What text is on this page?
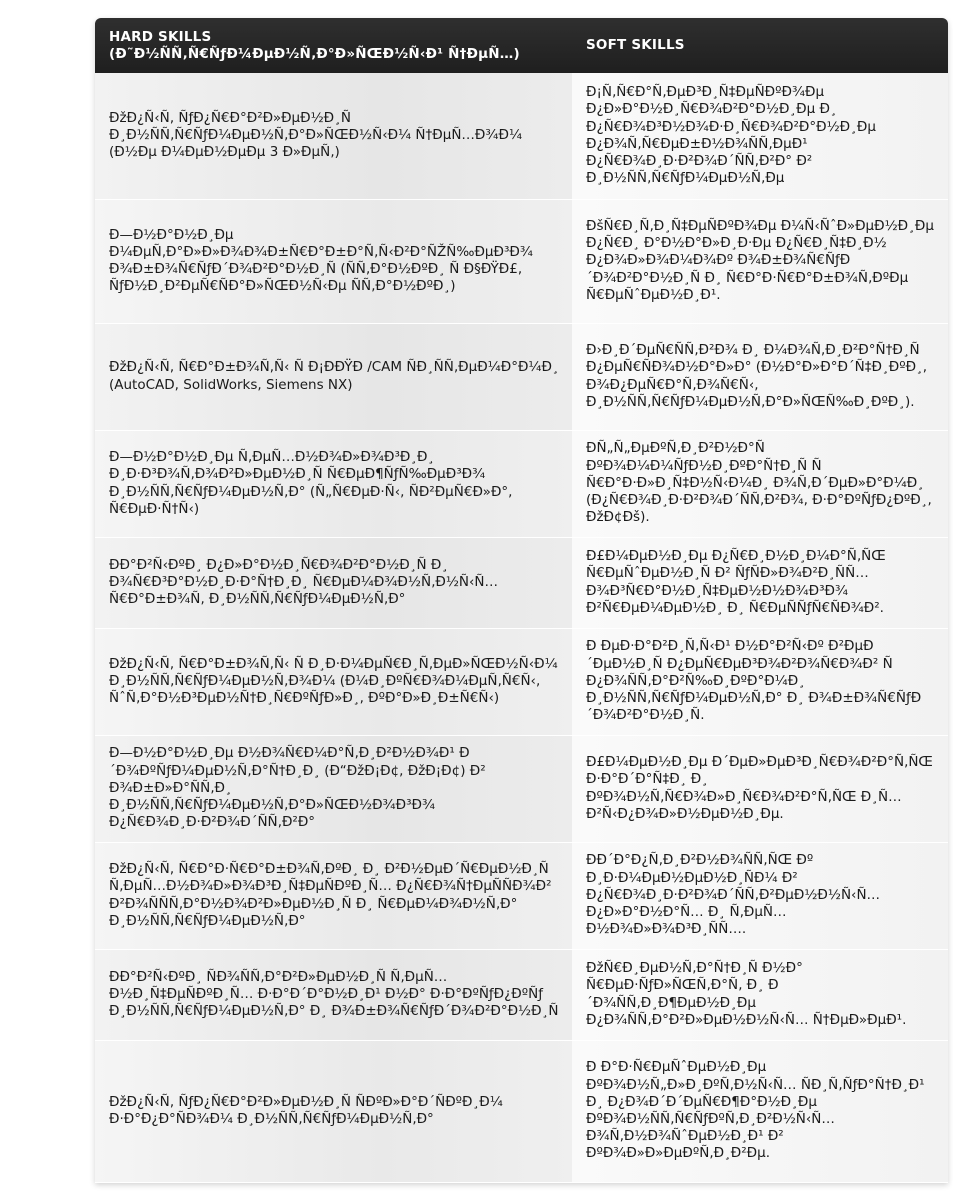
HARD SKILLS
(Ð˜Ð½ÑÑ‚Ñ€ÑƒÐ¼ÐµÐ½Ñ‚Ð°Ð»ÑŒÐ½Ñ‹Ð¹ Ñ†ÐµÑ…)	SOFT SKILLS
ÐžÐ¿Ñ‹Ñ‚ ÑƒÐ¿Ñ€Ð°Ð²Ð»ÐµÐ½Ð¸Ñ Ð¸Ð½ÑÑ‚Ñ€ÑƒÐ¼ÐµÐ½Ñ‚Ð°Ð»ÑŒÐ½Ñ‹Ð¼ Ñ†ÐµÑ…Ð¾Ð¼ (Ð½Ðµ Ð¼ÐµÐ½ÐµÐµ 3 Ð»ÐµÑ‚)	Ð¡Ñ‚Ñ€Ð°Ñ‚ÐµÐ³Ð¸Ñ‡ÐµÑÐºÐ¾Ðµ Ð¿Ð»Ð°Ð½Ð¸Ñ€Ð¾Ð²Ð°Ð½Ð¸Ðµ Ð¸ Ð¿Ñ€Ð¾Ð³Ð½Ð¾Ð·Ð¸Ñ€Ð¾Ð²Ð°Ð½Ð¸Ðµ Ð¿Ð¾Ñ‚Ñ€ÐµÐ±Ð½Ð¾ÑÑ‚ÐµÐ¹ Ð¿Ñ€Ð¾Ð¸Ð·Ð²Ð¾Ð´ÑÑ‚Ð²Ð° Ð² Ð¸Ð½ÑÑ‚Ñ€ÑƒÐ¼ÐµÐ½Ñ‚Ðµ
Ð—Ð½Ð°Ð½Ð¸Ðµ Ð¼ÐµÑ‚Ð°Ð»Ð»Ð¾Ð¾Ð±Ñ€Ð°Ð±Ð°Ñ‚Ñ‹Ð²Ð°ÑŽÑ‰ÐµÐ³Ð¾ Ð¾Ð±Ð¾Ñ€ÑƒÐ´Ð¾Ð²Ð°Ð½Ð¸Ñ (ÑÑ‚Ð°Ð½ÐºÐ¸ Ñ Ð§ÐŸÐ£, ÑƒÐ½Ð¸Ð²ÐµÑ€ÑÐ°Ð»ÑŒÐ½Ñ‹Ðµ ÑÑ‚Ð°Ð½ÐºÐ¸)	ÐšÑ€Ð¸Ñ‚Ð¸Ñ‡ÐµÑÐºÐ¾Ðµ Ð¼Ñ‹ÑˆÐ»ÐµÐ½Ð¸Ðµ Ð¿Ñ€Ð¸ Ð°Ð½Ð°Ð»Ð¸Ð·Ðµ Ð¿Ñ€Ð¸Ñ‡Ð¸Ð½ Ð¿Ð¾Ð»Ð¾Ð¼Ð¾Ðº Ð¾Ð±Ð¾Ñ€ÑƒÐ´Ð¾Ð²Ð°Ð½Ð¸Ñ Ð¸ Ñ€Ð°Ð·Ñ€Ð°Ð±Ð¾Ñ‚ÐºÐµ Ñ€ÐµÑˆÐµÐ½Ð¸Ð¹.
ÐžÐ¿Ñ‹Ñ‚ Ñ€Ð°Ð±Ð¾Ñ‚Ñ‹ Ñ Ð¡ÐÐŸÐ /CAM ÑÐ¸ÑÑ‚ÐµÐ¼Ð°Ð¼Ð¸ (AutoCAD, SolidWorks, Siemens NX)	Ð›Ð¸Ð´ÐµÑ€ÑÑ‚Ð²Ð¾ Ð¸ Ð¼Ð¾Ñ‚Ð¸Ð²Ð°Ñ†Ð¸Ñ Ð¿ÐµÑ€ÑÐ¾Ð½Ð°Ð»Ð° (Ð½Ð°Ð»Ð°Ð´Ñ‡Ð¸ÐºÐ¸, Ð¾Ð¿ÐµÑ€Ð°Ñ‚Ð¾Ñ€Ñ‹, Ð¸Ð½ÑÑ‚Ñ€ÑƒÐ¼ÐµÐ½Ñ‚Ð°Ð»ÑŒÑ‰Ð¸ÐºÐ¸).
Ð—Ð½Ð°Ð½Ð¸Ðµ Ñ‚ÐµÑ…Ð½Ð¾Ð»Ð¾Ð³Ð¸Ð¸ Ð¸Ð·Ð³Ð¾Ñ‚Ð¾Ð²Ð»ÐµÐ½Ð¸Ñ Ñ€ÐµÐ¶ÑƒÑ‰ÐµÐ³Ð¾ Ð¸Ð½ÑÑ‚Ñ€ÑƒÐ¼ÐµÐ½Ñ‚Ð° (Ñ„Ñ€ÐµÐ·Ñ‹, ÑÐ²ÐµÑ€Ð»Ð°, Ñ€ÐµÐ·Ñ†Ñ‹)	ÐÑ„Ñ„ÐµÐºÑ‚Ð¸Ð²Ð½Ð°Ñ ÐºÐ¾Ð¼Ð¼ÑƒÐ½Ð¸ÐºÐ°Ñ†Ð¸Ñ Ñ Ñ€Ð°Ð·Ð»Ð¸Ñ‡Ð½Ñ‹Ð¼Ð¸ Ð¾Ñ‚Ð´ÐµÐ»Ð°Ð¼Ð¸ (Ð¿Ñ€Ð¾Ð¸Ð·Ð²Ð¾Ð´ÑÑ‚Ð²Ð¾, Ð·Ð°ÐºÑƒÐ¿ÐºÐ¸, ÐžÐ¢Ðš).
ÐÐ°Ð²Ñ‹ÐºÐ¸ Ð¿Ð»Ð°Ð½Ð¸Ñ€Ð¾Ð²Ð°Ð½Ð¸Ñ Ð¸ Ð¾Ñ€Ð³Ð°Ð½Ð¸Ð·Ð°Ñ†Ð¸Ð¸ Ñ€ÐµÐ¼Ð¾Ð½Ñ‚Ð½Ñ‹Ñ… Ñ€Ð°Ð±Ð¾Ñ‚ Ð¸Ð½ÑÑ‚Ñ€ÑƒÐ¼ÐµÐ½Ñ‚Ð°	Ð£Ð¼ÐµÐ½Ð¸Ðµ Ð¿Ñ€Ð¸Ð½Ð¸Ð¼Ð°Ñ‚ÑŒ Ñ€ÐµÑˆÐµÐ½Ð¸Ñ Ð² ÑƒÑÐ»Ð¾Ð²Ð¸ÑÑ… Ð¾Ð³Ñ€Ð°Ð½Ð¸Ñ‡ÐµÐ½Ð½Ð¾Ð³Ð¾ Ð²Ñ€ÐµÐ¼ÐµÐ½Ð¸ Ð¸ Ñ€ÐµÑÑƒÑ€ÑÐ¾Ð².
ÐžÐ¿Ñ‹Ñ‚ Ñ€Ð°Ð±Ð¾Ñ‚Ñ‹ Ñ Ð¸Ð·Ð¼ÐµÑ€Ð¸Ñ‚ÐµÐ»ÑŒÐ½Ñ‹Ð¼ Ð¸Ð½ÑÑ‚Ñ€ÑƒÐ¼ÐµÐ½Ñ‚Ð¾Ð¼ (Ð¼Ð¸ÐºÑ€Ð¾Ð¼ÐµÑ‚Ñ€Ñ‹, ÑˆÑ‚Ð°Ð½Ð³ÐµÐ½Ñ†Ð¸Ñ€ÐºÑƒÐ»Ð¸, ÐºÐ°Ð»Ð¸Ð±Ñ€Ñ‹)	Ð ÐµÐ·Ð°Ð²Ð¸Ñ‚Ñ‹Ð¹ Ð½Ð°Ð²Ñ‹Ðº Ð²ÐµÐ´ÐµÐ½Ð¸Ñ Ð¿ÐµÑ€ÐµÐ³Ð¾Ð²Ð¾Ñ€Ð¾Ð² Ñ Ð¿Ð¾ÑÑ‚Ð°Ð²Ñ‰Ð¸ÐºÐ°Ð¼Ð¸ Ð¸Ð½ÑÑ‚Ñ€ÑƒÐ¼ÐµÐ½Ñ‚Ð° Ð¸ Ð¾Ð±Ð¾Ñ€ÑƒÐ´Ð¾Ð²Ð°Ð½Ð¸Ñ.
Ð—Ð½Ð°Ð½Ð¸Ðµ Ð½Ð¾Ñ€Ð¼Ð°Ñ‚Ð¸Ð²Ð½Ð¾Ð¹ Ð´Ð¾ÐºÑƒÐ¼ÐµÐ½Ñ‚Ð°Ñ†Ð¸Ð¸ (Ð“ÐžÐ¡Ð¢, ÐžÐ¡Ð¢) Ð² Ð¾Ð±Ð»Ð°ÑÑ‚Ð¸ Ð¸Ð½ÑÑ‚Ñ€ÑƒÐ¼ÐµÐ½Ñ‚Ð°Ð»ÑŒÐ½Ð¾Ð³Ð¾ Ð¿Ñ€Ð¾Ð¸Ð·Ð²Ð¾Ð´ÑÑ‚Ð²Ð°	Ð£Ð¼ÐµÐ½Ð¸Ðµ Ð´ÐµÐ»ÐµÐ³Ð¸Ñ€Ð¾Ð²Ð°Ñ‚ÑŒ Ð·Ð°Ð´Ð°Ñ‡Ð¸ Ð¸ ÐºÐ¾Ð½Ñ‚Ñ€Ð¾Ð»Ð¸Ñ€Ð¾Ð²Ð°Ñ‚ÑŒ Ð¸Ñ… Ð²Ñ‹Ð¿Ð¾Ð»Ð½ÐµÐ½Ð¸Ðµ.
ÐžÐ¿Ñ‹Ñ‚ Ñ€Ð°Ð·Ñ€Ð°Ð±Ð¾Ñ‚ÐºÐ¸ Ð¸ Ð²Ð½ÐµÐ´Ñ€ÐµÐ½Ð¸Ñ Ñ‚ÐµÑ…Ð½Ð¾Ð»Ð¾Ð³Ð¸Ñ‡ÐµÑÐºÐ¸Ñ… Ð¿Ñ€Ð¾Ñ†ÐµÑÑÐ¾Ð² Ð²Ð¾ÑÑÑ‚Ð°Ð½Ð¾Ð²Ð»ÐµÐ½Ð¸Ñ Ð¸ Ñ€ÐµÐ¼Ð¾Ð½Ñ‚Ð° Ð¸Ð½ÑÑ‚Ñ€ÑƒÐ¼ÐµÐ½Ñ‚Ð°	ÐÐ´Ð°Ð¿Ñ‚Ð¸Ð²Ð½Ð¾ÑÑ‚ÑŒ Ðº Ð¸Ð·Ð¼ÐµÐ½ÐµÐ½Ð¸ÑÐ¼ Ð² Ð¿Ñ€Ð¾Ð¸Ð·Ð²Ð¾Ð´ÑÑ‚Ð²ÐµÐ½Ð½Ñ‹Ñ… Ð¿Ð»Ð°Ð½Ð°Ñ… Ð¸ Ñ‚ÐµÑ…Ð½Ð¾Ð»Ð¾Ð³Ð¸ÑÑ….
ÐÐ°Ð²Ñ‹ÐºÐ¸ ÑÐ¾ÑÑ‚Ð°Ð²Ð»ÐµÐ½Ð¸Ñ Ñ‚ÐµÑ…Ð½Ð¸Ñ‡ÐµÑÐºÐ¸Ñ… Ð·Ð°Ð´Ð°Ð½Ð¸Ð¹ Ð½Ð° Ð·Ð°ÐºÑƒÐ¿ÐºÑƒ Ð¸Ð½ÑÑ‚Ñ€ÑƒÐ¼ÐµÐ½Ñ‚Ð° Ð¸ Ð¾Ð±Ð¾Ñ€ÑƒÐ´Ð¾Ð²Ð°Ð½Ð¸Ñ	ÐžÑ€Ð¸ÐµÐ½Ñ‚Ð°Ñ†Ð¸Ñ Ð½Ð° Ñ€ÐµÐ·ÑƒÐ»ÑŒÑ‚Ð°Ñ‚ Ð¸ Ð´Ð¾ÑÑ‚Ð¸Ð¶ÐµÐ½Ð¸Ðµ Ð¿Ð¾ÑÑ‚Ð°Ð²Ð»ÐµÐ½Ð½Ñ‹Ñ… Ñ†ÐµÐ»ÐµÐ¹.
ÐžÐ¿Ñ‹Ñ‚ ÑƒÐ¿Ñ€Ð°Ð²Ð»ÐµÐ½Ð¸Ñ ÑÐºÐ»Ð°Ð´ÑÐºÐ¸Ð¼ Ð·Ð°Ð¿Ð°ÑÐ¾Ð¼ Ð¸Ð½ÑÑ‚Ñ€ÑƒÐ¼ÐµÐ½Ñ‚Ð°	Ð Ð°Ð·Ñ€ÐµÑˆÐµÐ½Ð¸Ðµ ÐºÐ¾Ð½Ñ„Ð»Ð¸ÐºÑ‚Ð½Ñ‹Ñ… ÑÐ¸Ñ‚ÑƒÐ°Ñ†Ð¸Ð¹ Ð¸ Ð¿Ð¾Ð´Ð´ÐµÑ€Ð¶Ð°Ð½Ð¸Ðµ ÐºÐ¾Ð½ÑÑ‚Ñ€ÑƒÐºÑ‚Ð¸Ð²Ð½Ñ‹Ñ… Ð¾Ñ‚Ð½Ð¾ÑˆÐµÐ½Ð¸Ð¹ Ð² ÐºÐ¾Ð»Ð»ÐµÐºÑ‚Ð¸Ð²Ðµ.
